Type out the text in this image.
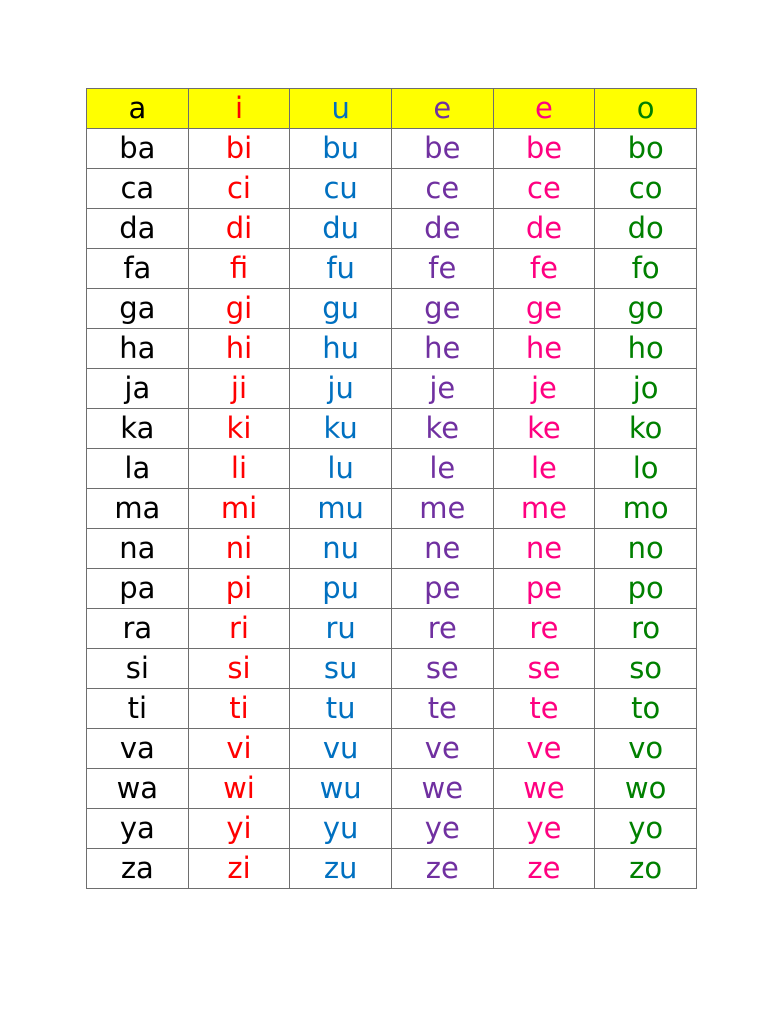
a	i	u	e	e	o
ba	bi	bu	be	be	bo
ca	ci	cu	ce	ce	co
da	di	du	de	de	do
fa	fi	fu	fe	fe	fo
ga	gi	gu	ge	ge	go
ha	hi	hu	he	he	ho
ja	ji	ju	je	je	jo
ka	ki	ku	ke	ke	ko
la	li	lu	le	le	lo
ma	mi	mu	me	me	mo
na	ni	nu	ne	ne	no
pa	pi	pu	pe	pe	po
ra	ri	ru	re	re	ro
si	si	su	se	se	so
ti	ti	tu	te	te	to
va	vi	vu	ve	ve	vo
wa	wi	wu	we	we	wo
ya	yi	yu	ye	ye	yo
za	zi	zu	ze	ze	zo
